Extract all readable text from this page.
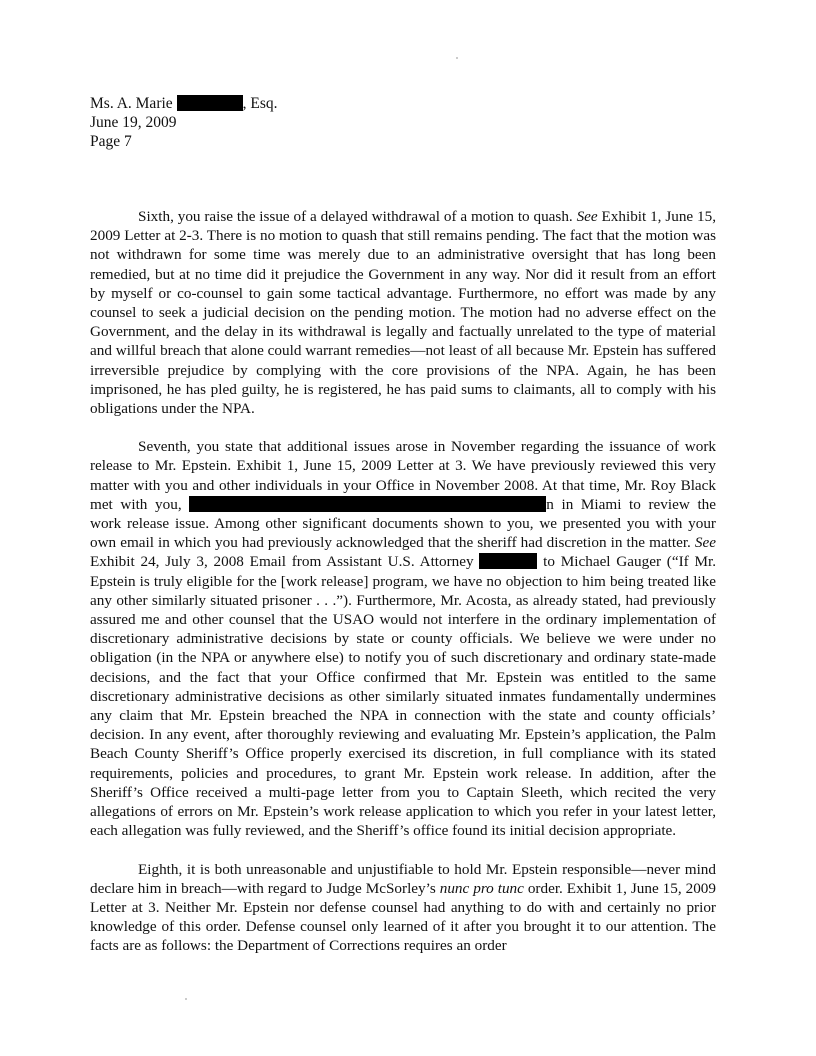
Ms. A. Marie	, Esq.

June 19, 2009

Page 7

Sixth, you raise the issue of a delayed withdrawal of a motion to quash. See Exhibit 1, June 15, 2009 Letter at 2-3. There is no motion to quash that still remains pending. The fact that the motion was not withdrawn for some time was merely due to an administrative oversight that has long been remedied, but at no time did it prejudice the Government in any way. Nor did it result from an effort by myself or co-counsel to gain some tactical advantage. Furthermore, no effort was made by any counsel to seek a judicial decision on the pending motion. The motion had no adverse effect on the Government, and the delay in its withdrawal is legally and factually unrelated to the type of material and willful breach that alone could warrant remedies—not least of all because Mr. Epstein has suffered irreversible prejudice by complying with the core provisions of the NPA. Again, he has been imprisoned, he has pled guilty, he is registered, he has paid sums to claimants, all to comply with his obligations under the NPA.

Seventh, you state that additional issues arose in November regarding the issuance of work release to Mr. Epstein. Exhibit 1, June 15, 2009 Letter at 3. We have previously reviewed this very matter with you and other individuals in your Office in November 2008. At that time, Mr. Roy Black met with you,	n in Miami to review the work release issue. Among other significant documents shown to you, we presented you with your own email in which you had previously acknowledged that the sheriff had discretion in the matter. See Exhibit 24, July 3, 2008 Email from Assistant U.S. Attorney	to Michael Gauger (“If Mr. Epstein is truly eligible for the [work release] program, we have no objection to him being treated like any other similarly situated prisoner . . .”). Furthermore, Mr. Acosta, as already stated, had previously assured me and other counsel that the USAO would not interfere in the ordinary implementation of discretionary administrative decisions by state or county officials. We believe we were under no obligation (in the NPA or anywhere else) to notify you of such discretionary and ordinary state-made decisions, and the fact that your Office confirmed that Mr. Epstein was entitled to the same discretionary administrative decisions as other similarly situated inmates fundamentally undermines any claim that Mr. Epstein breached the NPA in connection with the state and county officials’ decision. In any event, after thoroughly reviewing and evaluating Mr. Epstein’s application, the Palm Beach County Sheriff’s Office properly exercised its discretion, in full compliance with its stated requirements, policies and procedures, to grant Mr. Epstein work release. In addition, after the Sheriff’s Office received a multi-page letter from you to Captain Sleeth, which recited the very allegations of errors on Mr. Epstein’s work release application to which you refer in your latest letter, each allegation was fully reviewed, and the Sheriff’s office found its initial decision appropriate.

Eighth, it is both unreasonable and unjustifiable to hold Mr. Epstein responsible—never mind declare him in breach—with regard to Judge McSorley’s nunc pro tunc order. Exhibit 1, June 15, 2009 Letter at 3. Neither Mr. Epstein nor defense counsel had anything to do with and certainly no prior knowledge of this order. Defense counsel only learned of it after you brought it to our attention. The facts are as follows: the Department of Corrections requires an order
